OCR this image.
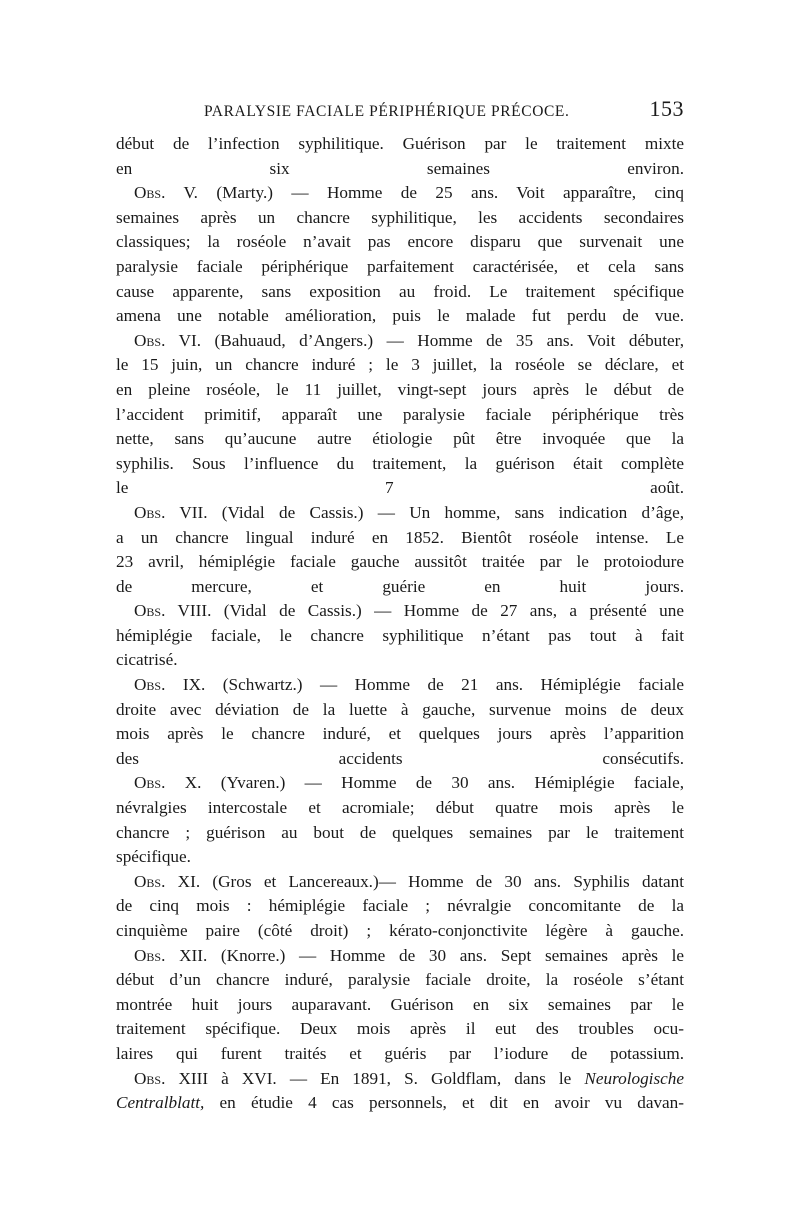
PARALYSIE FACIALE PÉRIPHÉRIQUE PRÉCOCE.	153

début de l’infection syphilitique. Guérison par le traitement mixte
en six semaines environ.

Obs. V. (Marty.) — Homme de 25 ans. Voit apparaître, cinq
semaines après un chancre syphilitique, les accidents secondaires
classiques; la roséole n’avait pas encore disparu que survenait une
paralysie faciale périphérique parfaitement caractérisée, et cela sans
cause apparente, sans exposition au froid. Le traitement spécifique
amena une notable amélioration, puis le malade fut perdu de vue.

Obs. VI. (Bahuaud, d’Angers.) — Homme de 35 ans. Voit débuter,
le 15 juin, un chancre induré ; le 3 juillet, la roséole se déclare, et
en pleine roséole, le 11 juillet, vingt-sept jours après le début de
l’accident primitif, apparaît une paralysie faciale périphérique très
nette, sans qu’aucune autre étiologie pût être invoquée que la
syphilis. Sous l’influence du traitement, la guérison était complète
le 7 août.

Obs. VII. (Vidal de Cassis.) — Un homme, sans indication d’âge,
a un chancre lingual induré en 1852. Bientôt roséole intense. Le
23 avril, hémiplégie faciale gauche aussitôt traitée par le protoiodure
de mercure, et guérie en huit jours.

Obs. VIII. (Vidal de Cassis.) — Homme de 27 ans, a présenté une
hémiplégie faciale, le chancre syphilitique n’étant pas tout à fait
cicatrisé.

Obs. IX. (Schwartz.) — Homme de 21 ans. Hémiplégie faciale
droite avec déviation de la luette à gauche, survenue moins de deux
mois après le chancre induré, et quelques jours après l’apparition
des accidents consécutifs.

Obs. X. (Yvaren.) — Homme de 30 ans. Hémiplégie faciale,
névralgies intercostale et acromiale; début quatre mois après le
chancre ; guérison au bout de quelques semaines par le traitement
spécifique.

Obs. XI. (Gros et Lancereaux.)— Homme de 30 ans. Syphilis datant
de cinq mois : hémiplégie faciale ; névralgie concomitante de la
cinquième paire (côté droit) ; kérato-conjonctivite légère à gauche.

Obs. XII. (Knorre.) — Homme de 30 ans. Sept semaines après le
début d’un chancre induré, paralysie faciale droite, la roséole s’étant
montrée huit jours auparavant. Guérison en six semaines par le
traitement spécifique. Deux mois après il eut des troubles ocu-
laires qui furent traités et guéris par l’iodure de potassium.

Obs. XIII à XVI. — En 1891, S. Goldflam, dans le Neurologische
Centralblatt, en étudie 4 cas personnels, et dit en avoir vu davan-
